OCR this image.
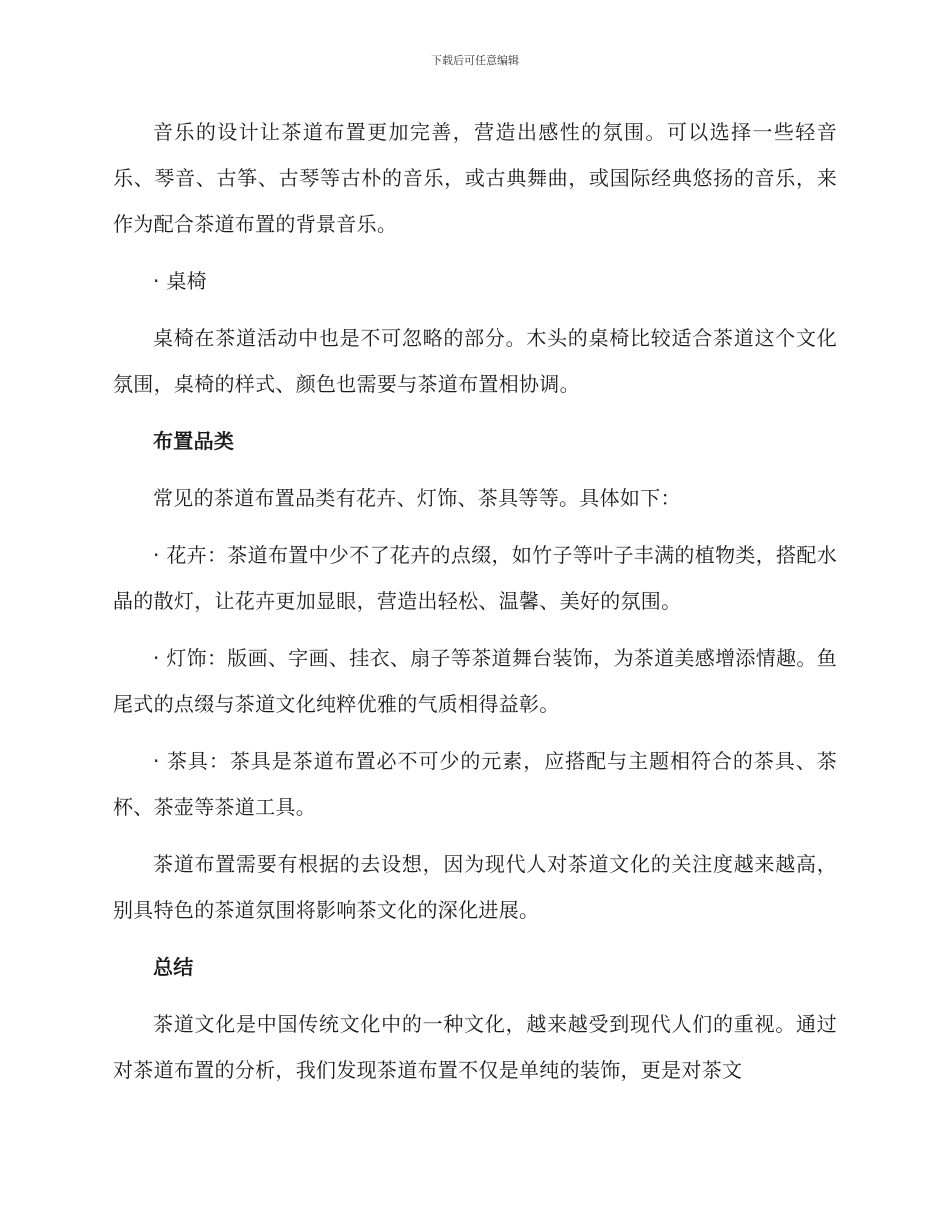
下载后可任意编辑

音乐的设计让茶道布置更加完善，营造出感性的氛围。可以选择一些轻音乐、琴音、古筝、古琴等古朴的音乐，或古典舞曲，或国际经典悠扬的音乐，来作为配合茶道布置的背景音乐。

· 桌椅

桌椅在茶道活动中也是不可忽略的部分。木头的桌椅比较适合茶道这个文化氛围，桌椅的样式、颜色也需要与茶道布置相协调。

布置品类

常见的茶道布置品类有花卉、灯饰、茶具等等。具体如下：

· 花卉：茶道布置中少不了花卉的点缀，如竹子等叶子丰满的植物类，搭配水晶的散灯，让花卉更加显眼，营造出轻松、温馨、美好的氛围。

· 灯饰：版画、字画、挂衣、扇子等茶道舞台装饰，为茶道美感增添情趣。鱼尾式的点缀与茶道文化纯粹优雅的气质相得益彰。

· 茶具：茶具是茶道布置必不可少的元素，应搭配与主题相符合的茶具、茶杯、茶壶等茶道工具。

茶道布置需要有根据的去设想，因为现代人对茶道文化的关注度越来越高，别具特色的茶道氛围将影响茶文化的深化进展。

总结

茶道文化是中国传统文化中的一种文化，越来越受到现代人们的重视。通过对茶道布置的分析，我们发现茶道布置不仅是单纯的装饰，更是对茶文
